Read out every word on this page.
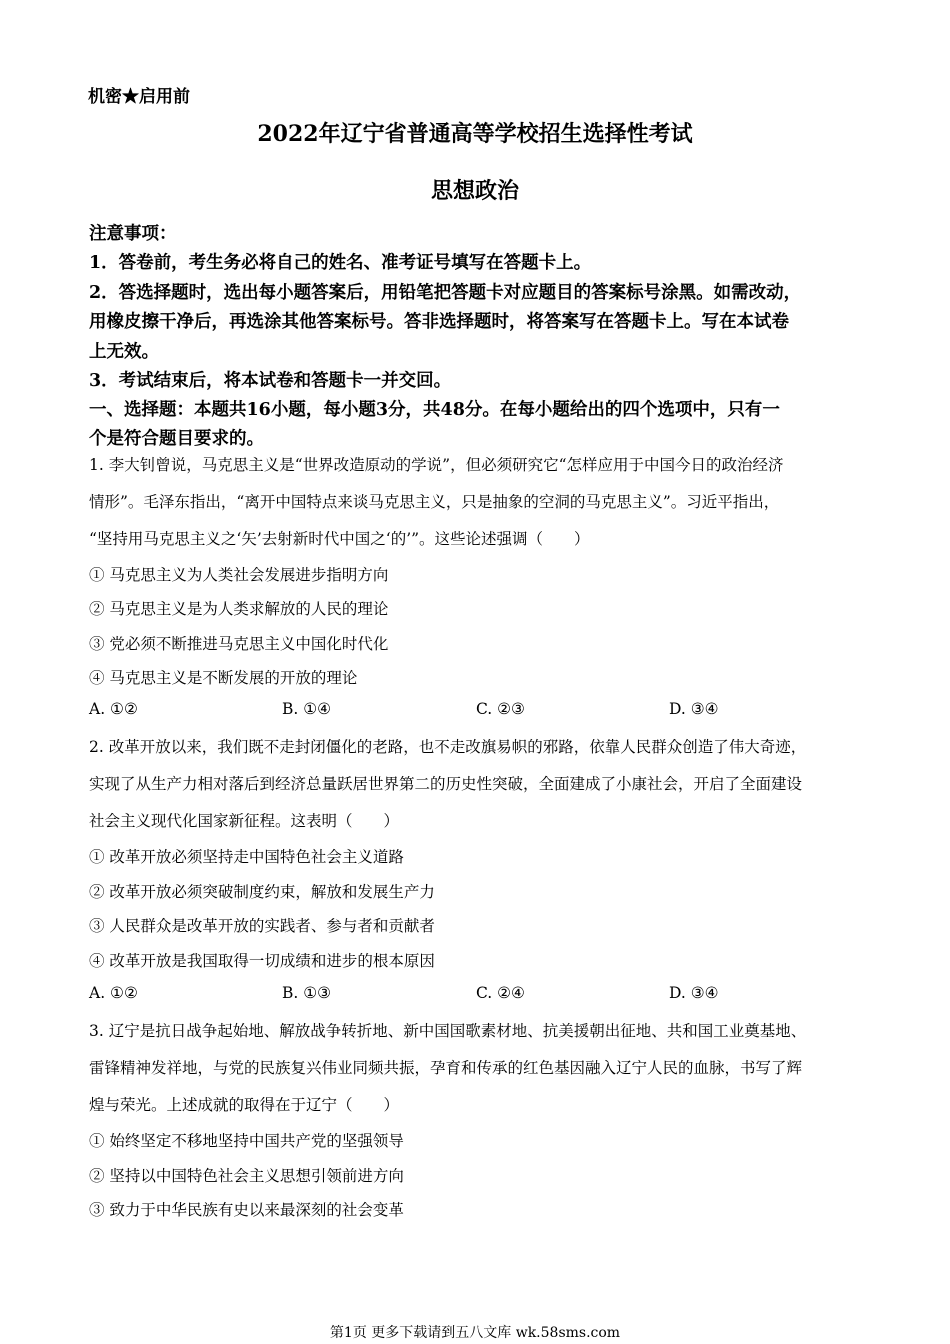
机密★启用前
2022年辽宁省普通高等学校招生选择性考试
思想政治
注意事项：
1．答卷前，考生务必将自己的姓名、准考证号填写在答题卡上。
2．答选择题时，选出每小题答案后，用铅笔把答题卡对应题目的答案标号涂黑。如需改动，
用橡皮擦干净后，再选涂其他答案标号。答非选择题时，将答案写在答题卡上。写在本试卷
上无效。
3．考试结束后，将本试卷和答题卡一并交回。
一、选择题：本题共16小题，每小题3分，共48分。在每小题给出的四个选项中，只有一
个是符合题目要求的。
1. 李大钊曾说，马克思主义是“世界改造原动的学说”，但必须研究它“怎样应用于中国今日的政治经济
情形”。毛泽东指出，“离开中国特点来谈马克思主义，只是抽象的空洞的马克思主义”。习近平指出，
“坚持用马克思主义之‘矢’去射新时代中国之‘的’”。这些论述强调（　　）
① 马克思主义为人类社会发展进步指明方向
② 马克思主义是为人类求解放的人民的理论
③ 党必须不断推进马克思主义中国化时代化
④ 马克思主义是不断发展的开放的理论
A. ①②	B. ①④	C. ②③	D. ③④
2. 改革开放以来，我们既不走封闭僵化的老路，也不走改旗易帜的邪路，依靠人民群众创造了伟大奇迹，
实现了从生产力相对落后到经济总量跃居世界第二的历史性突破，全面建成了小康社会，开启了全面建设
社会主义现代化国家新征程。这表明（　　）
① 改革开放必须坚持走中国特色社会主义道路
② 改革开放必须突破制度约束，解放和发展生产力
③ 人民群众是改革开放的实践者、参与者和贡献者
④ 改革开放是我国取得一切成绩和进步的根本原因
A. ①②	B. ①③	C. ②④	D. ③④
3. 辽宁是抗日战争起始地、解放战争转折地、新中国国歌素材地、抗美援朝出征地、共和国工业奠基地、
雷锋精神发祥地，与党的民族复兴伟业同频共振，孕育和传承的红色基因融入辽宁人民的血脉，书写了辉
煌与荣光。上述成就的取得在于辽宁（　　）
① 始终坚定不移地坚持中国共产党的坚强领导
② 坚持以中国特色社会主义思想引领前进方向
③ 致力于中华民族有史以来最深刻的社会变革
第1页 更多下载请到五八文库 wk.58sms.com
